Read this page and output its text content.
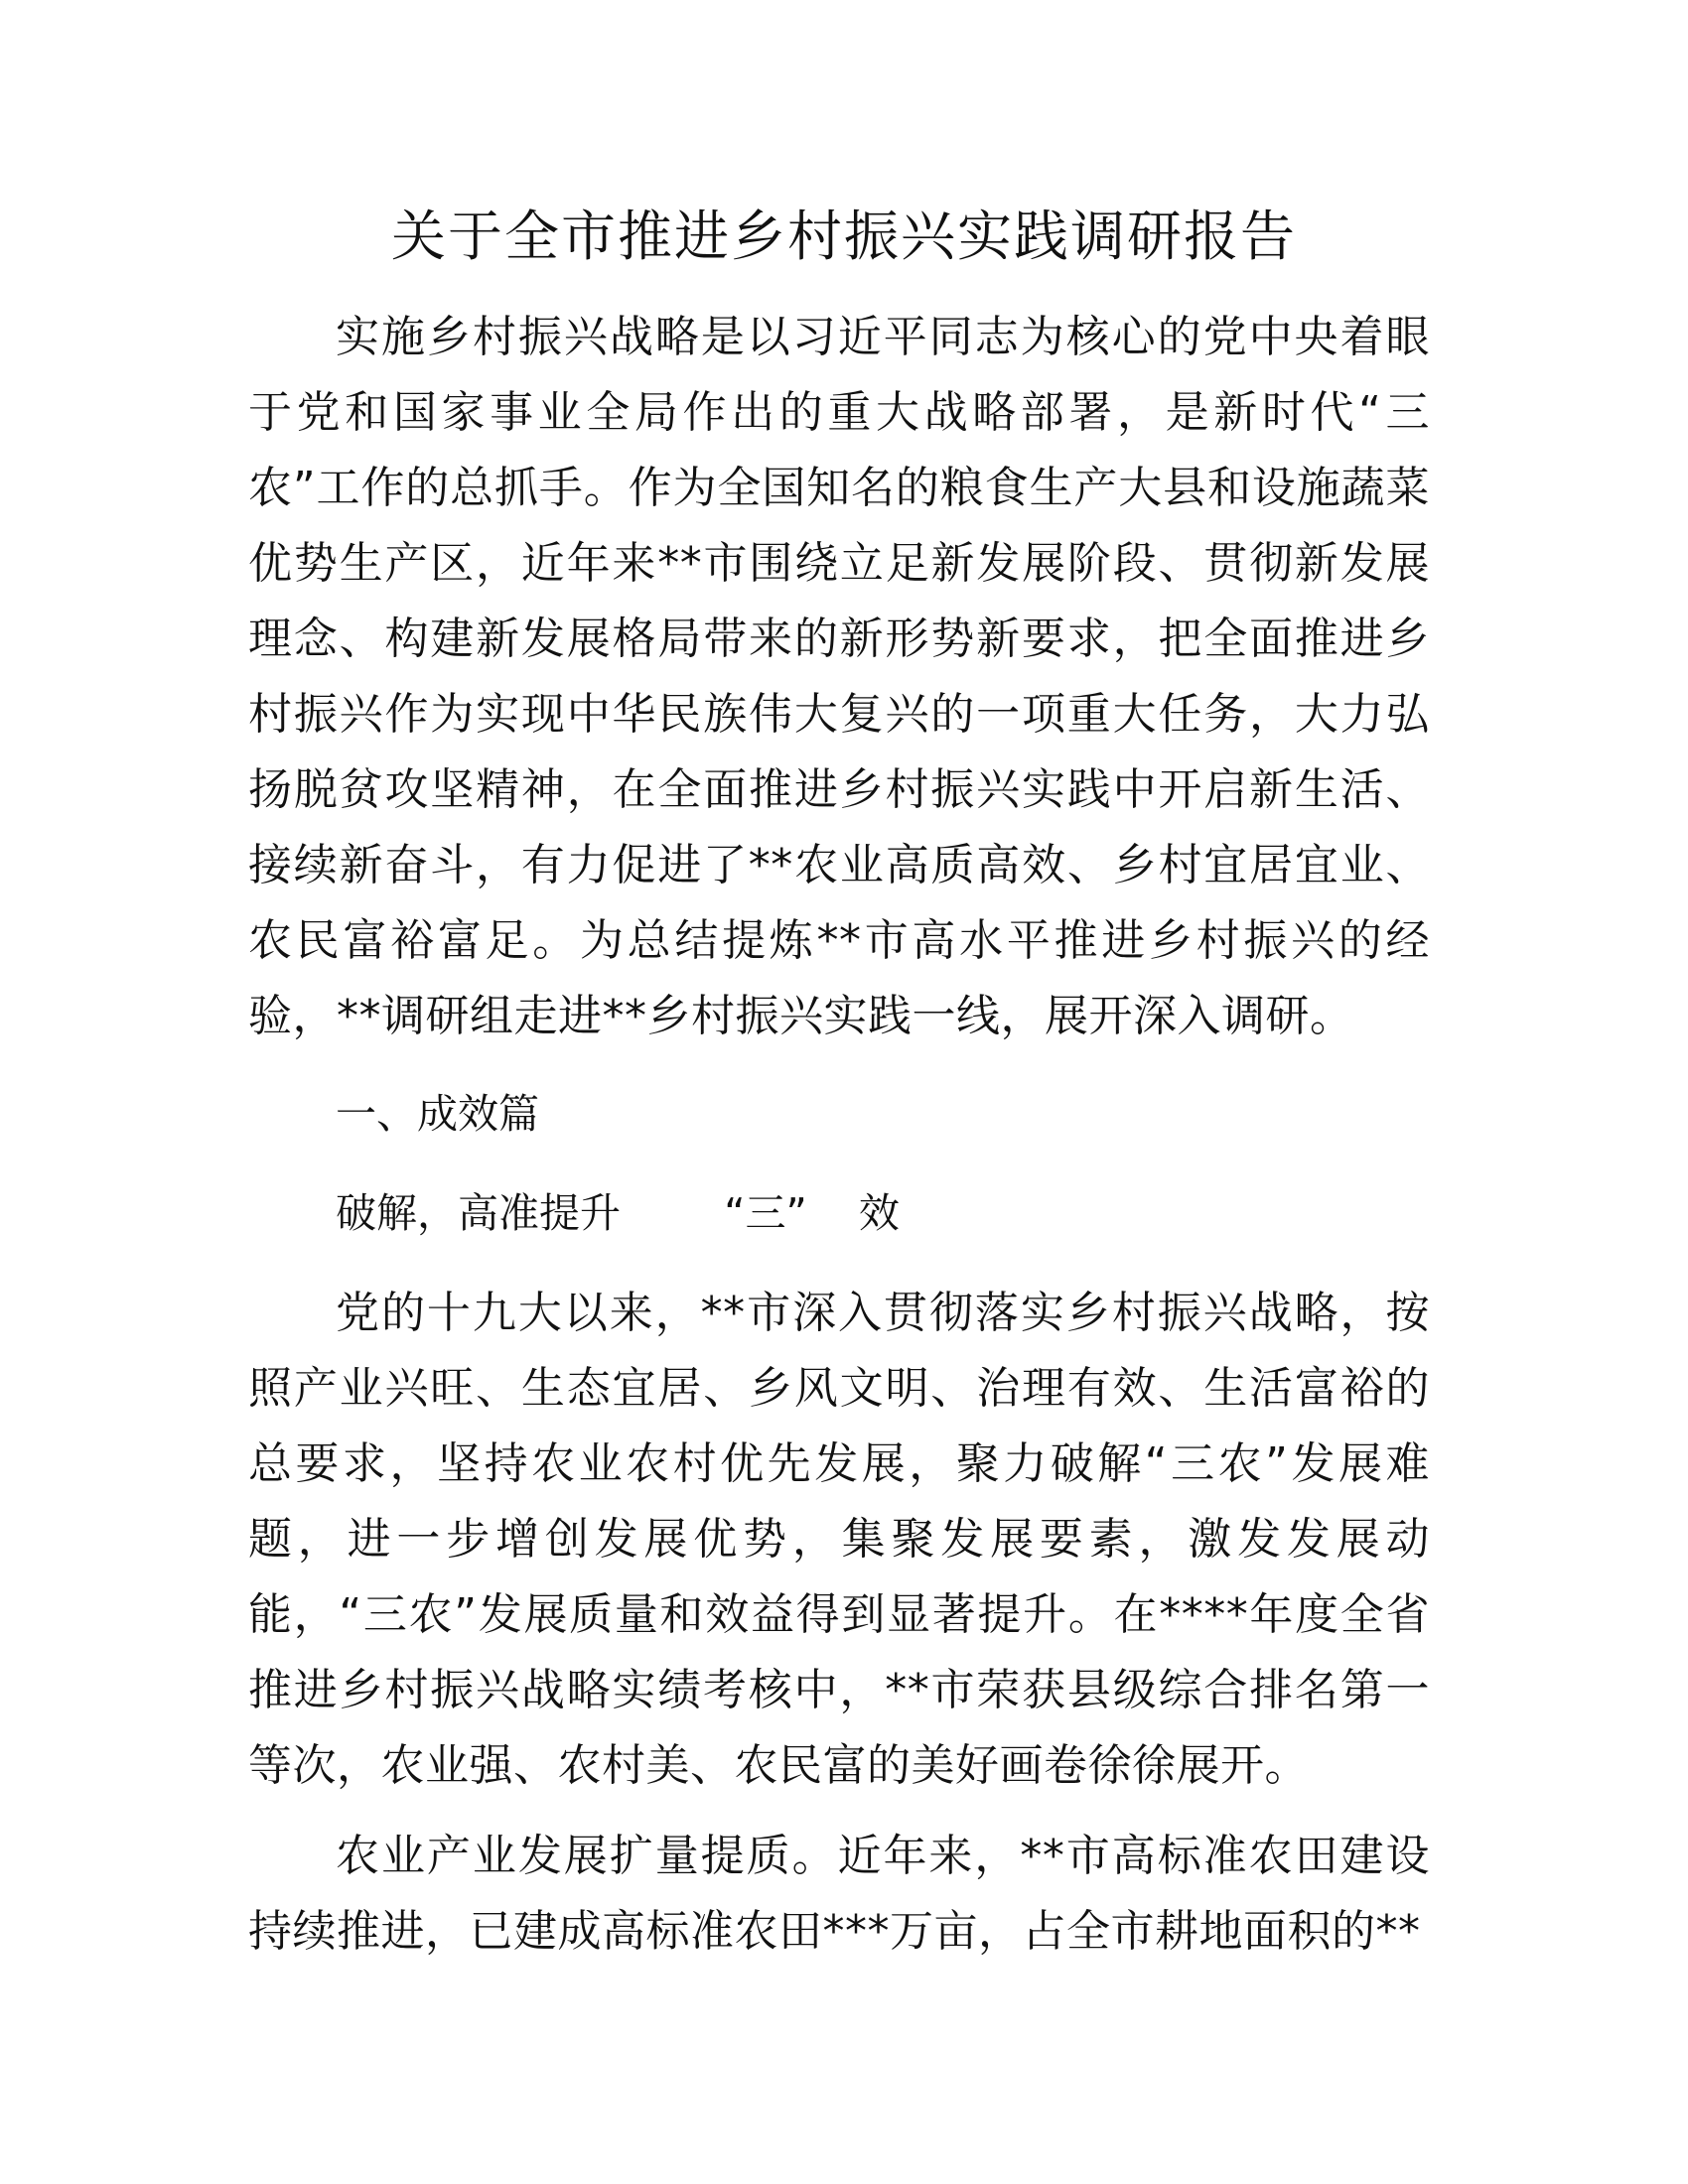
关于全市推进乡村振兴实践调研报告

实施乡村振兴战略是以习近平同志为核心的党中央着眼于党和国家事业全局作出的重大战略部署，是新时代“三农”工作的总抓手。作为全国知名的粮食生产大县和设施蔬菜优势生产区，近年来**市围绕立足新发展阶段、贯彻新发展理念、构建新发展格局带来的新形势新要求，把全面推进乡村振兴作为实现中华民族伟大复兴的一项重大任务，大力弘扬脱贫攻坚精神，在全面推进乡村振兴实践中开启新生活、接续新奋斗，有力促进了**农业高质高效、乡村宜居宜业、农民富裕富足。为总结提炼**市高水平推进乡村振兴的经验，**调研组走进**乡村振兴实践一线，展开深入调研。

一、成效篇
破解，高准提升        “三”    效

党的十九大以来，**市深入贯彻落实乡村振兴战略，按照产业兴旺、生态宜居、乡风文明、治理有效、生活富裕的总要求，坚持农业农村优先发展，聚力破解“三农”发展难题，进一步增创发展优势，集聚发展要素，激发发展动能，“三农”发展质量和效益得到显著提升。在****年度全省推进乡村振兴战略实绩考核中，**市荣获县级综合排名第一等次，农业强、农村美、农民富的美好画卷徐徐展开。

农业产业发展扩量提质。近年来，**市高标准农田建设持续推进，已建成高标准农田***万亩，占全市耕地面积的**
